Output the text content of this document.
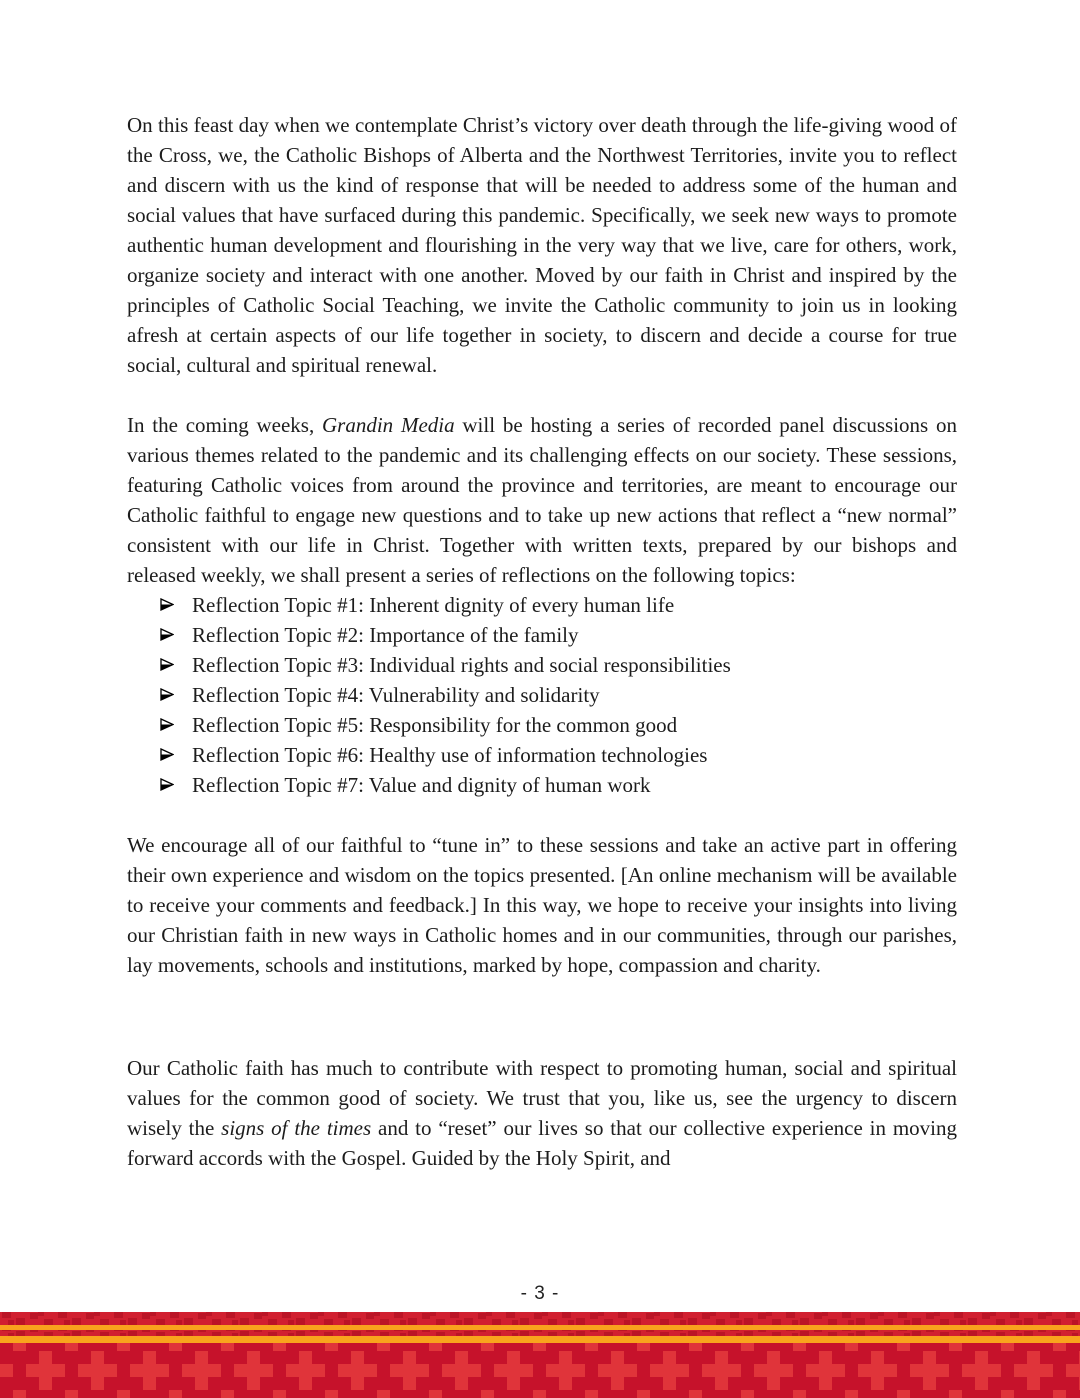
On this feast day when we contemplate Christ’s victory over death through the life-giving wood of the Cross, we, the Catholic Bishops of Alberta and the Northwest Territories, invite you to reflect and discern with us the kind of response that will be needed to address some of the human and social values that have surfaced during this pandemic. Specifically, we seek new ways to promote authentic human development and flourishing in the very way that we live, care for others, work, organize society and interact with one another. Moved by our faith in Christ and inspired by the principles of Catholic Social Teaching, we invite the Catholic community to join us in looking afresh at certain aspects of our life together in society, to discern and decide a course for true social, cultural and spiritual renewal.

In the coming weeks, Grandin Media will be hosting a series of recorded panel discussions on various themes related to the pandemic and its challenging effects on our society. These sessions, featuring Catholic voices from around the province and territories, are meant to encourage our Catholic faithful to engage new questions and to take up new actions that reflect a “new normal” consistent with our life in Christ. Together with written texts, prepared by our bishops and released weekly, we shall present a series of reflections on the following topics:

Reflection Topic #1: Inherent dignity of every human life
Reflection Topic #2: Importance of the family
Reflection Topic #3: Individual rights and social responsibilities
Reflection Topic #4: Vulnerability and solidarity
Reflection Topic #5: Responsibility for the common good
Reflection Topic #6: Healthy use of information technologies
Reflection Topic #7: Value and dignity of human work

We encourage all of our faithful to “tune in” to these sessions and take an active part in offering their own experience and wisdom on the topics presented. [An online mechanism will be available to receive your comments and feedback.] In this way, we hope to receive your insights into living our Christian faith in new ways in Catholic homes and in our communities, through our parishes, lay movements, schools and institutions, marked by hope, compassion and charity.

Our Catholic faith has much to contribute with respect to promoting human, social and spiritual values for the common good of society. We trust that you, like us, see the urgency to discern wisely the signs of the times and to “reset” our lives so that our collective experience in moving forward accords with the Gospel. Guided by the Holy Spirit, and

- 3 -
